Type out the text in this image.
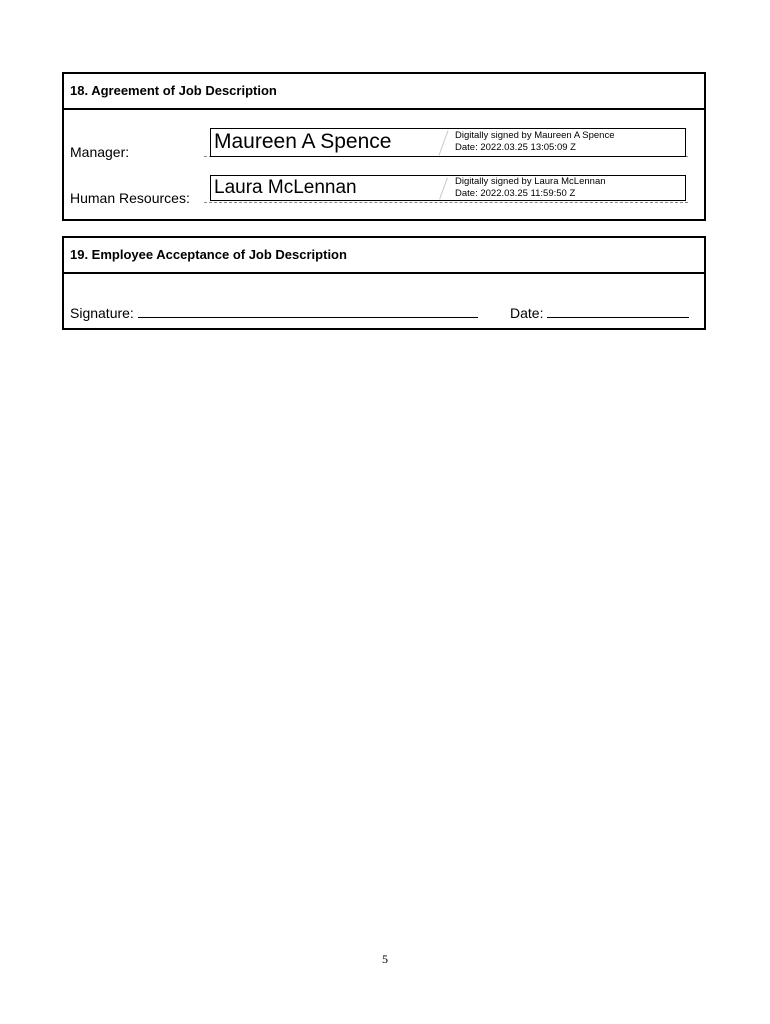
18. Agreement of Job Description
Manager:	Maureen A Spence	Digitally signed by Maureen A Spence
Date: 2022.03.25 13:05:09 Z
Human Resources: Laura McLennan	Digitally signed by Laura McLennan
Date: 2022.03.25 11:59:50 Z
19. Employee Acceptance of Job Description
Signature:	Date:
5
